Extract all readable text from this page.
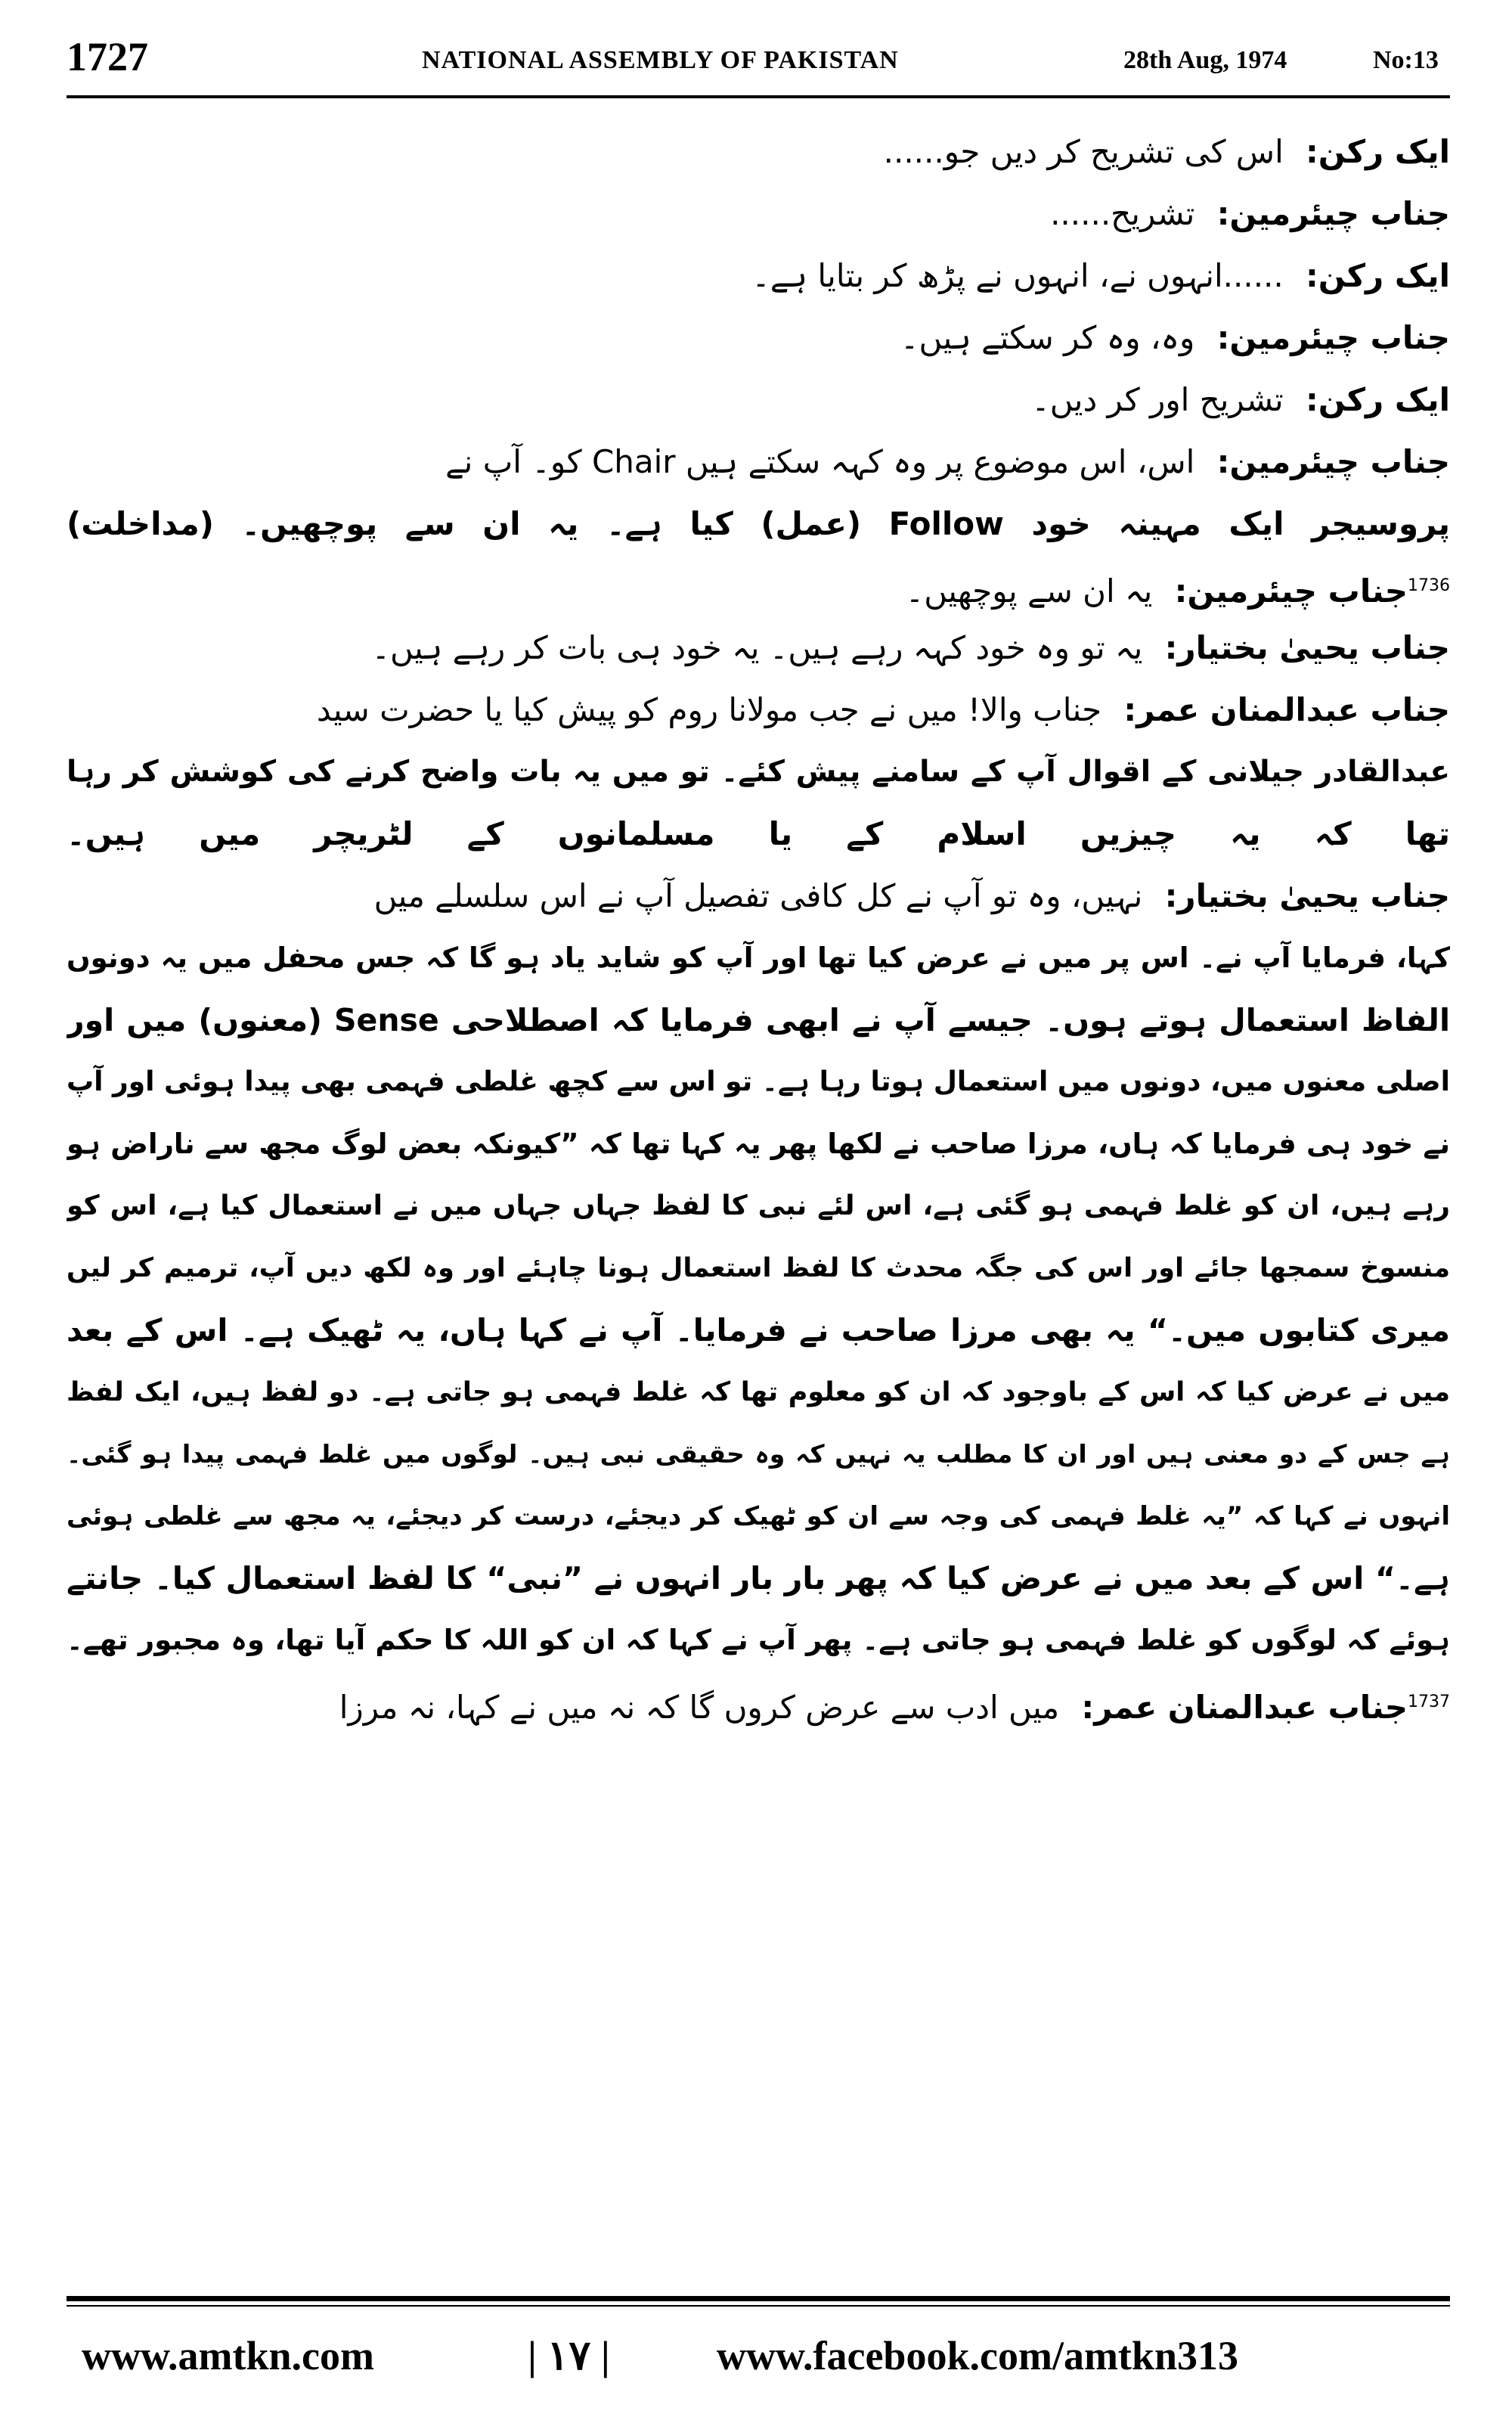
1727	NATIONAL ASSEMBLY OF PAKISTAN	28th Aug, 1974	No:13
ایک رکن:  اس کی تشریح کر دیں جو......
جناب چیئرمین:  تشریح......
ایک رکن:  ......انہوں نے، انہوں نے پڑھ کر بتایا ہے۔
جناب چیئرمین:  وہ، وہ کر سکتے ہیں۔
ایک رکن:  تشریح اور کر دیں۔
جناب چیئرمین:  اس، اس موضوع پر وہ کہہ سکتے ہیں Chair کو۔ آپ نے
پروسیجر ایک مہینہ خود Follow (عمل) کیا ہے۔ یہ ان سے پوچھیں۔ (مداخلت)
$^{1736}$جناب چیئرمین:  یہ ان سے پوچھیں۔
جناب یحییٰ بختیار:  یہ تو وہ خود کہہ رہے ہیں۔ یہ خود ہی بات کر رہے ہیں۔
جناب عبدالمنان عمر:  جناب والا! میں نے جب مولانا روم کو پیش کیا یا حضرت سید
عبدالقادر جیلانی کے اقوال آپ کے سامنے پیش کئے۔ تو میں یہ بات واضح کرنے کی کوشش کر رہا
تھا کہ یہ چیزیں اسلام کے یا مسلمانوں کے لٹریچر میں ہیں۔
جناب یحییٰ بختیار:  نہیں، وہ تو آپ نے کل کافی تفصیل آپ نے اس سلسلے میں
کہا، فرمایا آپ نے۔ اس پر میں نے عرض کیا تھا اور آپ کو شاید یاد ہو گا کہ جس محفل میں یہ دونوں
الفاظ استعمال ہوتے ہوں۔ جیسے آپ نے ابھی فرمایا کہ اصطلاحی Sense (معنوں) میں اور
اصلی معنوں میں، دونوں میں استعمال ہوتا رہا ہے۔ تو اس سے کچھ غلطی فہمی بھی پیدا ہوئی اور آپ
نے خود ہی فرمایا کہ ہاں، مرزا صاحب نے لکھا پھر یہ کہا تھا کہ ”کیونکہ بعض لوگ مجھ سے ناراض ہو
رہے ہیں، ان کو غلط فہمی ہو گئی ہے، اس لئے نبی کا لفظ جہاں جہاں میں نے استعمال کیا ہے، اس کو
منسوخ سمجھا جائے اور اس کی جگہ محدث کا لفظ استعمال ہونا چاہئے اور وہ لکھ دیں آپ، ترمیم کر لیں
میری کتابوں میں۔“ یہ بھی مرزا صاحب نے فرمایا۔ آپ نے کہا ہاں، یہ ٹھیک ہے۔ اس کے بعد
میں نے عرض کیا کہ اس کے باوجود کہ ان کو معلوم تھا کہ غلط فہمی ہو جاتی ہے۔ دو لفظ ہیں، ایک لفظ
ہے جس کے دو معنی ہیں اور ان کا مطلب یہ نہیں کہ وہ حقیقی نبی ہیں۔ لوگوں میں غلط فہمی پیدا ہو گئی۔
انہوں نے کہا کہ ”یہ غلط فہمی کی وجہ سے ان کو ٹھیک کر دیجئے، درست کر دیجئے، یہ مجھ سے غلطی ہوئی
ہے۔“ اس کے بعد میں نے عرض کیا کہ پھر بار بار انہوں نے ”نبی“ کا لفظ استعمال کیا۔ جانتے
ہوئے کہ لوگوں کو غلط فہمی ہو جاتی ہے۔ پھر آپ نے کہا کہ ان کو اللہ کا حکم آیا تھا، وہ مجبور تھے۔
$^{1737}$جناب عبدالمنان عمر:  میں ادب سے عرض کروں گا کہ نہ میں نے کہا، نہ مرزا
www.amtkn.com	| ١٧ |	www.facebook.com/amtkn313
